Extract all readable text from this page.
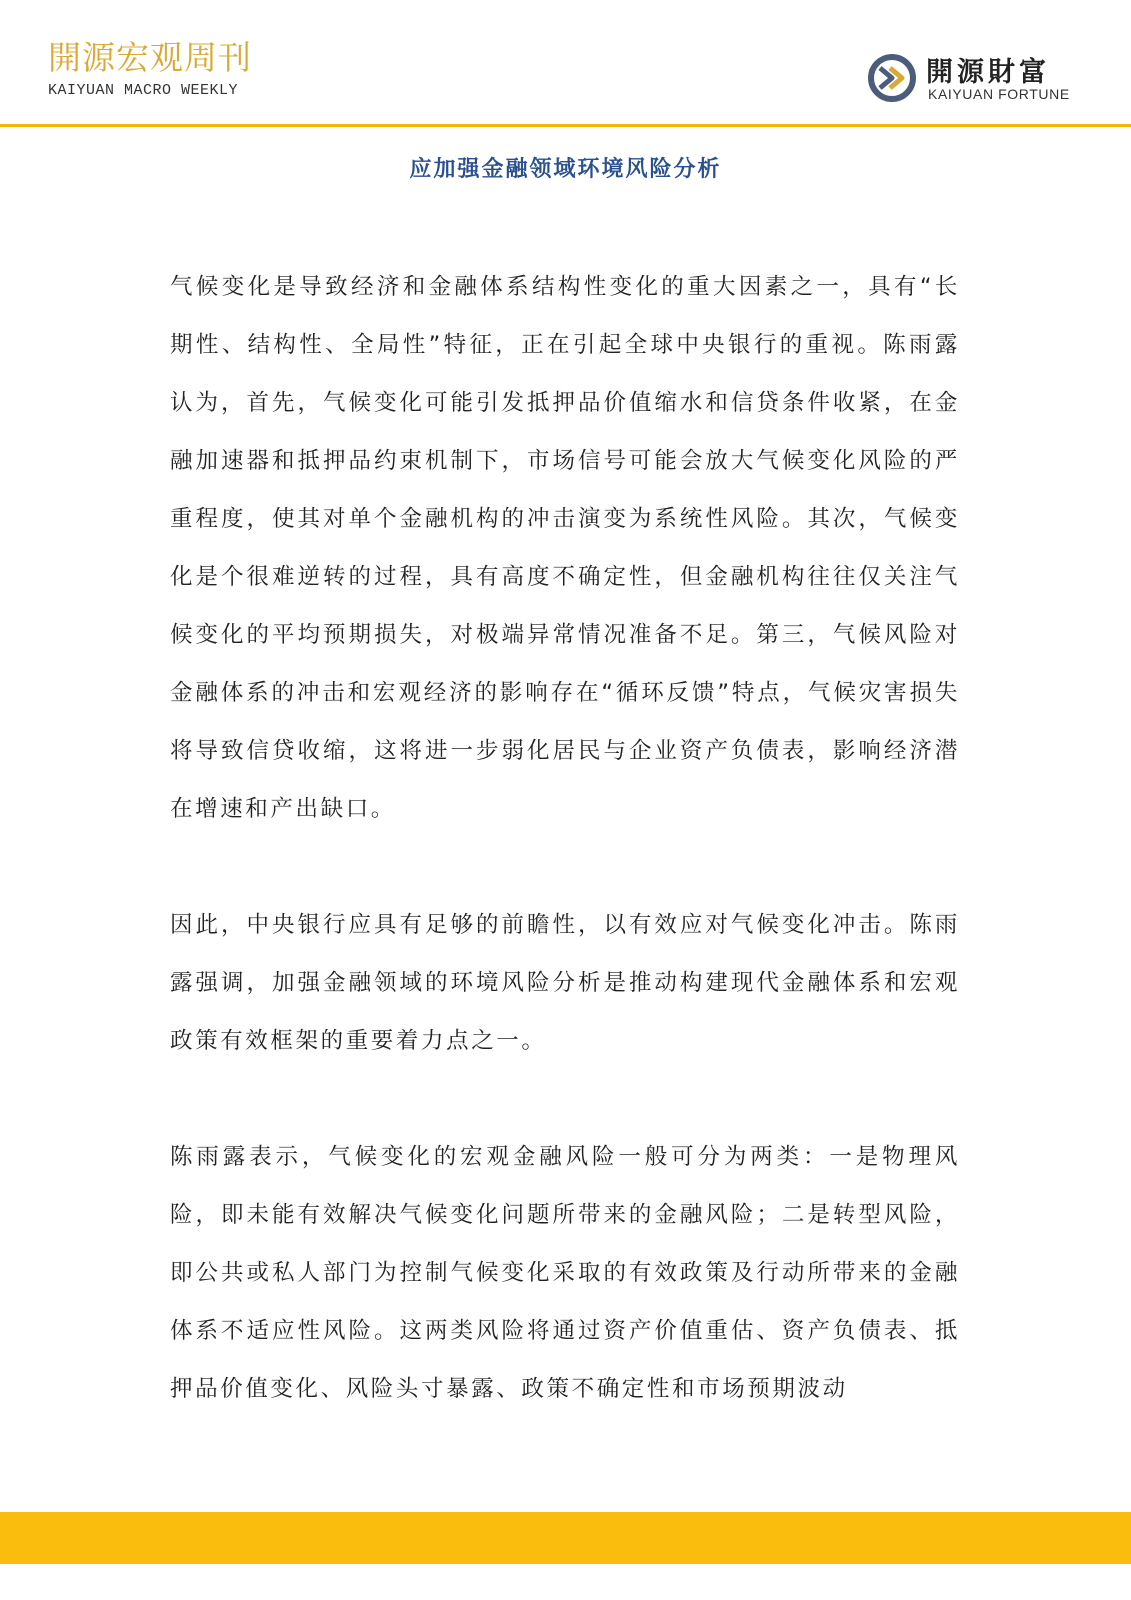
開源宏观周刊
KAIYUAN MACRO WEEKLY
開源財富
KAIYUAN FORTUNE
应加强金融领域环境风险分析

气候变化是导致经济和金融体系结构性变化的重大因素之一，具有“长期性、结构性、全局性”特征，正在引起全球中央银行的重视。陈雨露认为，首先，气候变化可能引发抵押品价值缩水和信贷条件收紧，在金融加速器和抵押品约束机制下，市场信号可能会放大气候变化风险的严重程度，使其对单个金融机构的冲击演变为系统性风险。其次，气候变化是个很难逆转的过程，具有高度不确定性，但金融机构往往仅关注气候变化的平均预期损失，对极端异常情况准备不足。第三，气候风险对金融体系的冲击和宏观经济的影响存在“循环反馈”特点，气候灾害损失将导致信贷收缩，这将进一步弱化居民与企业资产负债表，影响经济潜在增速和产出缺口。

因此，中央银行应具有足够的前瞻性，以有效应对气候变化冲击。陈雨露强调，加强金融领域的环境风险分析是推动构建现代金融体系和宏观政策有效框架的重要着力点之一。

陈雨露表示，气候变化的宏观金融风险一般可分为两类：一是物理风险，即未能有效解决气候变化问题所带来的金融风险；二是转型风险，即公共或私人部门为控制气候变化采取的有效政策及行动所带来的金融体系不适应性风险。这两类风险将通过资产价值重估、资产负债表、抵押品价值变化、风险头寸暴露、政策不确定性和市场预期波动
